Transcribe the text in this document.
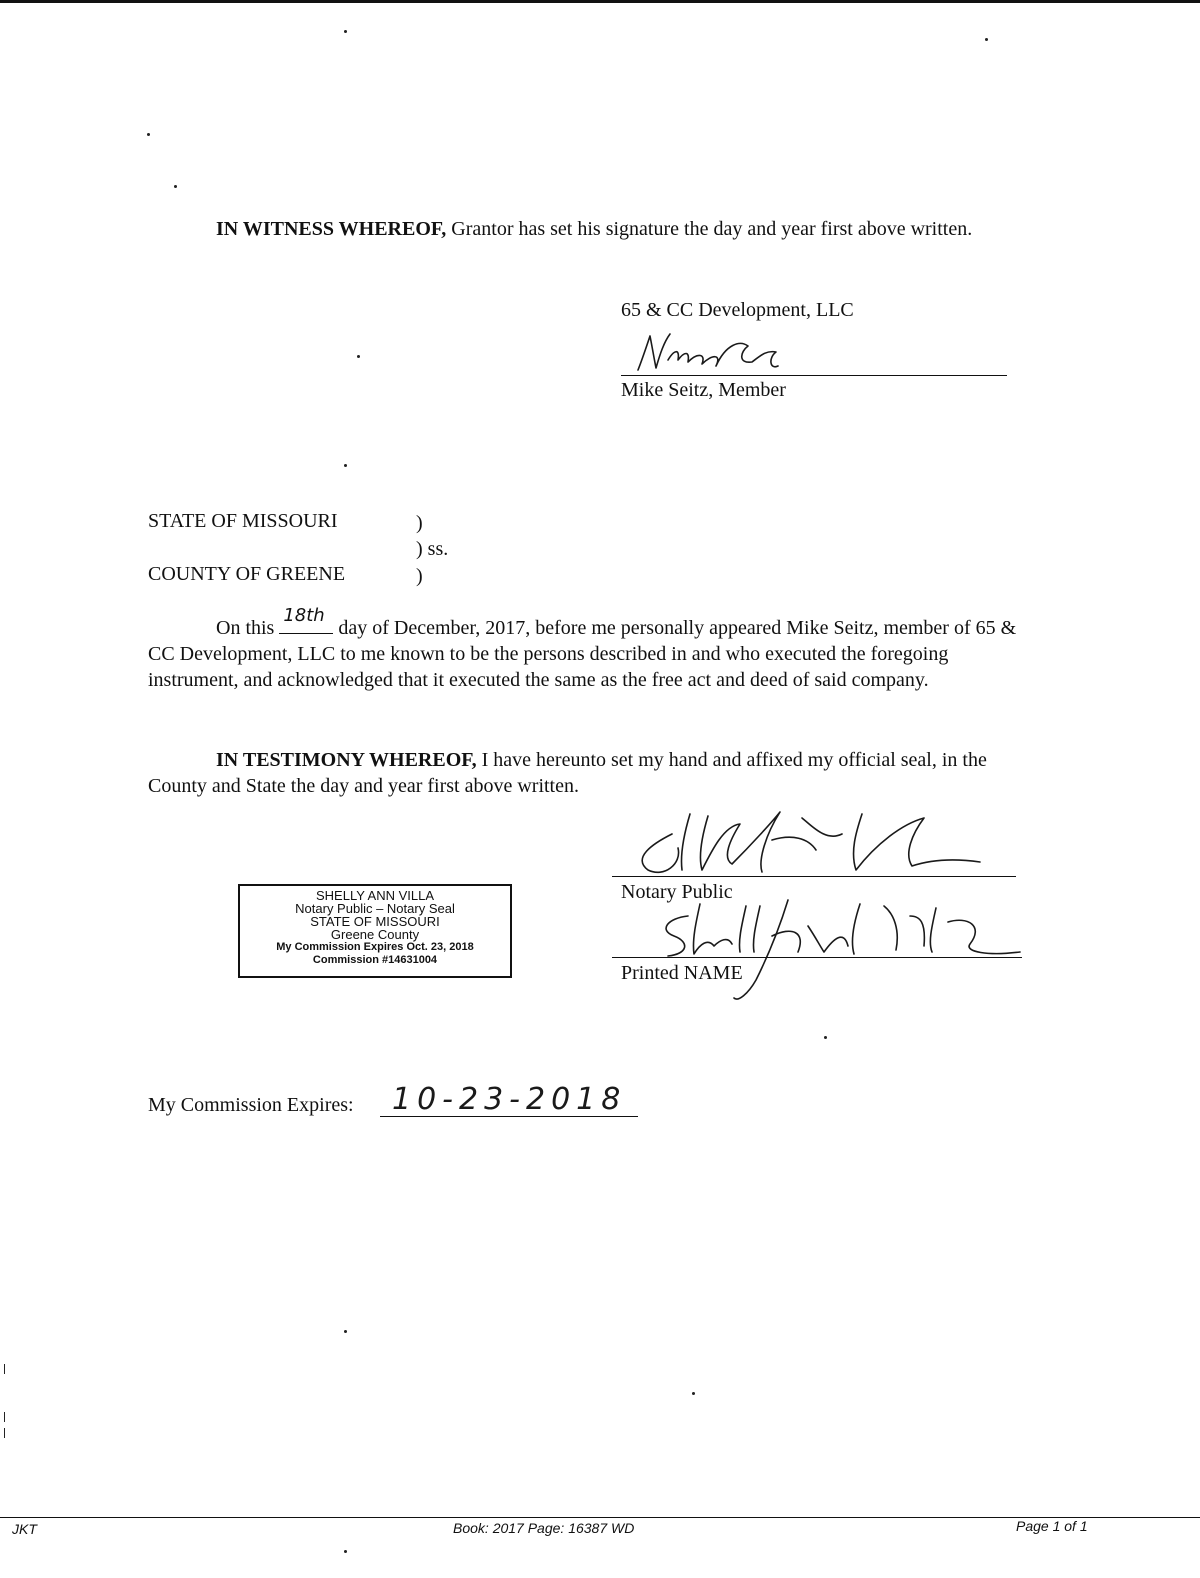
IN WITNESS WHEREOF, Grantor has set his signature the day and year first above written.
65 & CC Development, LLC
Mike Seitz, Member
STATE OF MISSOURI
COUNTY OF GREENE
)
) ss.
)
On this
18th
day of December, 2017, before me personally appeared Mike Seitz, member of 65 & CC Development, LLC to me known to be the persons described in and who executed the foregoing instrument, and acknowledged that it executed the same as the free act and deed of said company.
IN TESTIMONY WHEREOF, I have hereunto set my hand and affixed my official seal, in the County and State the day and year first above written.
Notary Public
Printed NAME
SHELLY ANN VILLA
Notary Public – Notary Seal
STATE OF MISSOURI
Greene County
My Commission Expires Oct. 23, 2018
Commission #14631004
My Commission Expires: 10-23-2018
JKT	Book: 2017 Page: 16387 WD	Page 1 of 1
